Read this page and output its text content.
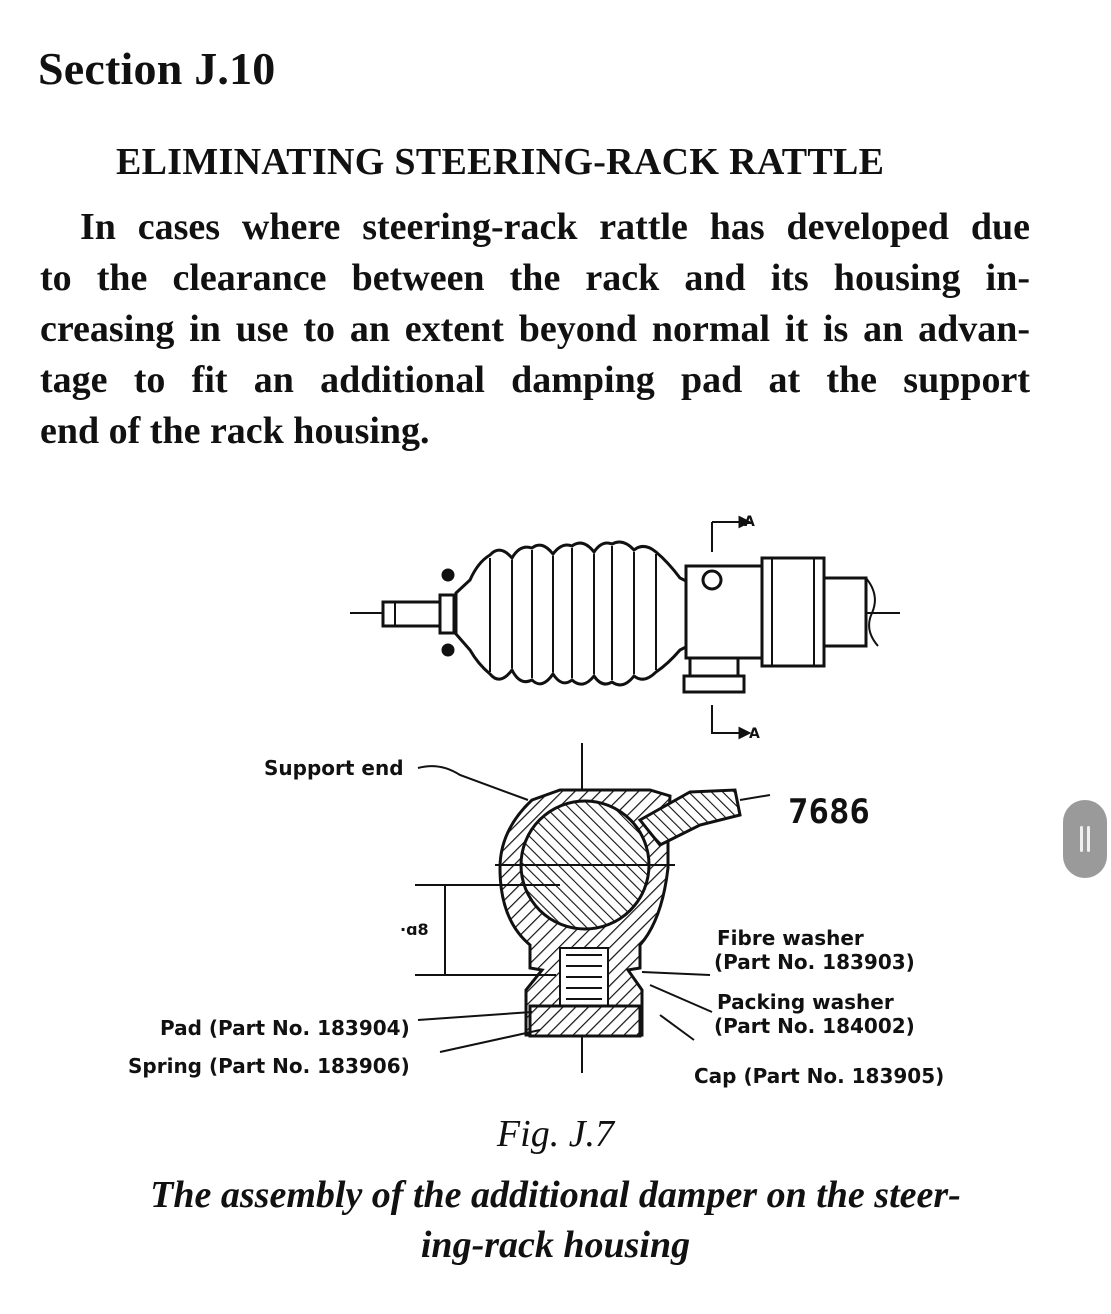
Section J.10
ELIMINATING STEERING-RACK RATTLE
In cases where steering-rack rattle has developed due
to the clearance between the rack and its housing in-
creasing in use to an extent beyond normal it is an advan-
tage to fit an additional damping pad at the support
end of the rack housing.
A
A
7686
·ɑ8
Support end
Fibre washer
(Part No. 183903)
Packing washer
(Part No. 184002)
Pad (Part No. 183904)
Spring (Part No. 183906)	Cap (Part No. 183905)
Fig. J.7
The assembly of the additional damper on the steer-
ing-rack housing
